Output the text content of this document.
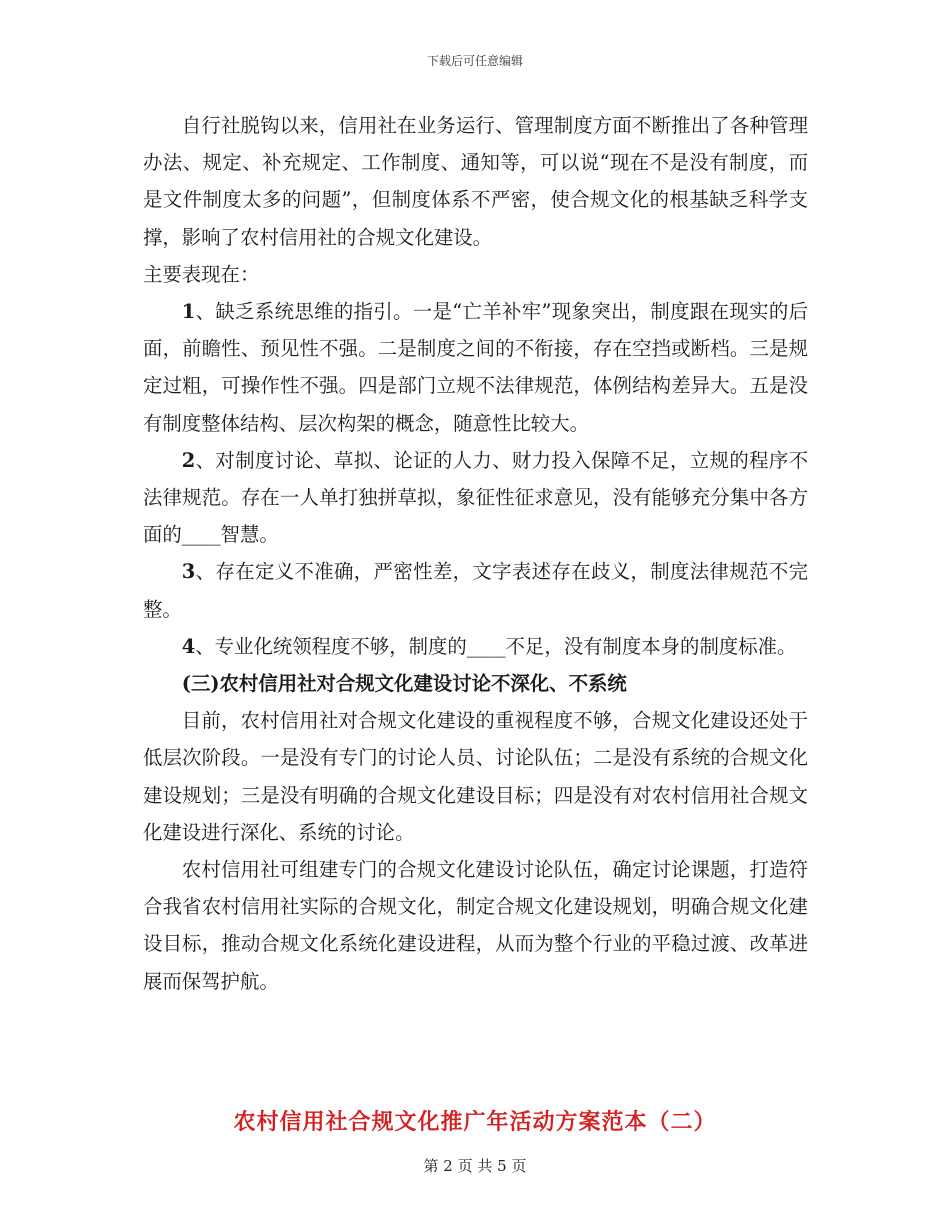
下载后可任意编辑

自行社脱钩以来，信用社在业务运行、管理制度方面不断推出了各种管理办法、规定、补充规定、工作制度、通知等，可以说“现在不是没有制度，而是文件制度太多的问题”，但制度体系不严密，使合规文化的根基缺乏科学支撑，影响了农村信用社的合规文化建设。

主要表现在：

1、缺乏系统思维的指引。一是“亡羊补牢”现象突出，制度跟在现实的后面，前瞻性、预见性不强。二是制度之间的不衔接，存在空挡或断档。三是规定过粗，可操作性不强。四是部门立规不法律规范，体例结构差异大。五是没有制度整体结构、层次构架的概念，随意性比较大。

2、对制度讨论、草拟、论证的人力、财力投入保障不足，立规的程序不法律规范。存在一人单打独拼草拟，象征性征求意见，没有能够充分集中各方面的____智慧。

3、存在定义不准确，严密性差，文字表述存在歧义，制度法律规范不完整。

4、专业化统领程度不够，制度的____不足，没有制度本身的制度标准。

(三)农村信用社对合规文化建设讨论不深化、不系统

目前，农村信用社对合规文化建设的重视程度不够，合规文化建设还处于低层次阶段。一是没有专门的讨论人员、讨论队伍；二是没有系统的合规文化建设规划；三是没有明确的合规文化建设目标；四是没有对农村信用社合规文化建设进行深化、系统的讨论。

农村信用社可组建专门的合规文化建设讨论队伍，确定讨论课题，打造符合我省农村信用社实际的合规文化，制定合规文化建设规划，明确合规文化建设目标，推动合规文化系统化建设进程，从而为整个行业的平稳过渡、改革进展而保驾护航。

农村信用社合规文化推广年活动方案范本（二）
第 2 页 共 5 页
